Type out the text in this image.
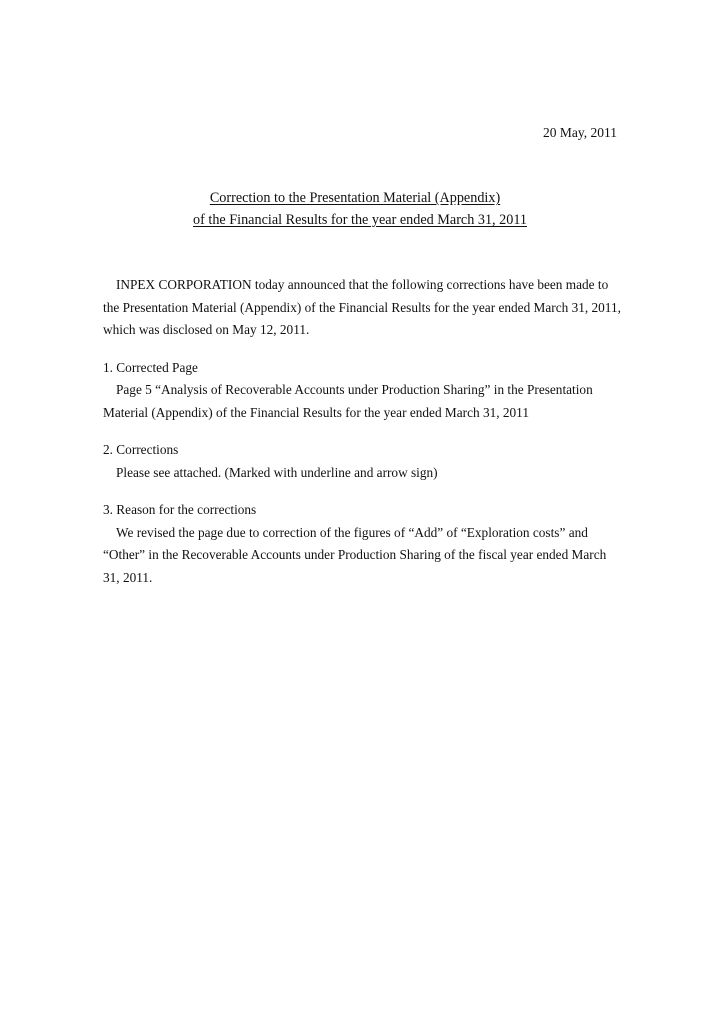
20 May, 2011
Correction to the Presentation Material (Appendix)
of the Financial Results for the year ended March 31, 2011

INPEX CORPORATION today announced that the following corrections have been made to the Presentation Material (Appendix) of the Financial Results for the year ended March 31, 2011, which was disclosed on May 12, 2011.

1. Corrected Page

Page 5 “Analysis of Recoverable Accounts under Production Sharing” in the Presentation Material (Appendix) of the Financial Results for the year ended March 31, 2011

2. Corrections

Please see attached. (Marked with underline and arrow sign)

3. Reason for the corrections

We revised the page due to correction of the figures of “Add” of “Exploration costs” and “Other” in the Recoverable Accounts under Production Sharing of the fiscal year ended March 31, 2011.
